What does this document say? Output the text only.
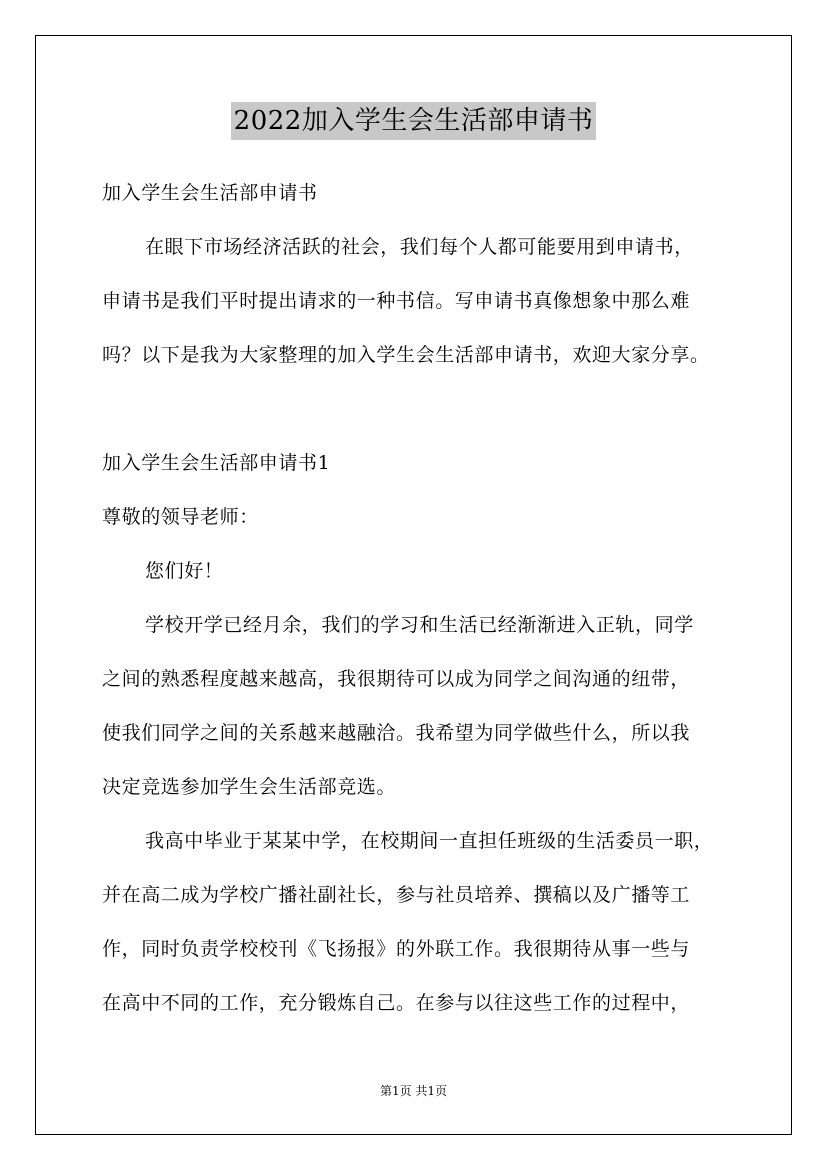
2022加入学生会生活部申请书
加入学生会生活部申请书
在眼下市场经济活跃的社会，我们每个人都可能要用到申请书，
申请书是我们平时提出请求的一种书信。写申请书真像想象中那么难
吗？以下是我为大家整理的加入学生会生活部申请书，欢迎大家分享。
加入学生会生活部申请书1
尊敬的领导老师：
您们好！
学校开学已经月余，我们的学习和生活已经渐渐进入正轨，同学
之间的熟悉程度越来越高，我很期待可以成为同学之间沟通的纽带，
使我们同学之间的关系越来越融洽。我希望为同学做些什么，所以我
决定竞选参加学生会生活部竞选。
我高中毕业于某某中学，在校期间一直担任班级的生活委员一职，
并在高二成为学校广播社副社长，参与社员培养、撰稿以及广播等工
作，同时负责学校校刊《飞扬报》的外联工作。我很期待从事一些与
在高中不同的工作，充分锻炼自己。在参与以往这些工作的过程中，
第1页 共1页
